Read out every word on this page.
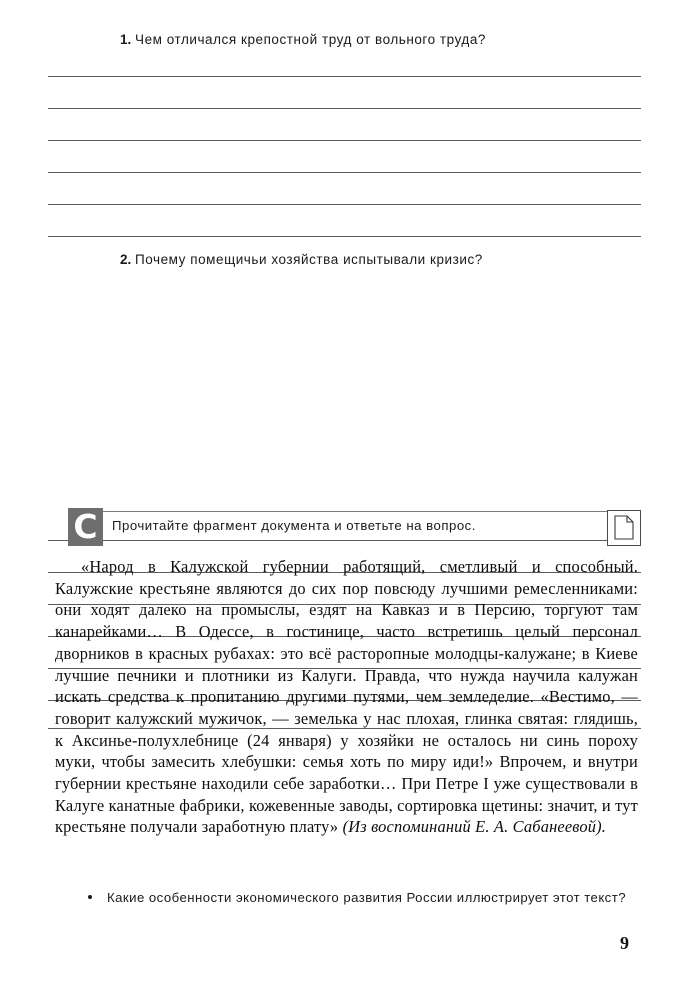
1. Чем отличался крепостной труд от вольного труда?
2. Почему помещичьи хозяйства испытывали кризис?
C	Прочитайте фрагмент документа и ответьте на вопрос.
«Народ в Калужской губернии работящий, сметливый и способный. Калужские крестьяне являются до сих пор повсюду лучшими ремесленниками: они ходят далеко на промыслы, ездят на Кавказ и в Персию, торгуют там канарейками… В Одессе, в гостинице, часто встретишь целый персонал дворников в красных рубахах: это всё расторопные молодцы-калужане; в Киеве лучшие печники и плотники из Калуги. Правда, что нужда научила калужан искать средства к пропитанию другими путями, чем земледелие. «Вестимо, — говорит калужский мужичок, — земелька у нас плохая, глинка святая: глядишь, к Аксинье-полухлебнице (24 января) у хозяйки не осталось ни синь пороху муки, чтобы замесить хлебушки: семья хоть по миру иди!» Впрочем, и внутри губернии крестьяне находили себе заработки… При Петре I уже существовали в Калуге канатные фабрики, кожевенные заводы, сортировка щетины: значит, и тут крестьяне получали заработную плату» (Из воспоминаний Е. А. Сабанеевой).
Какие особенности экономического развития России иллюстрирует этот текст?
9
